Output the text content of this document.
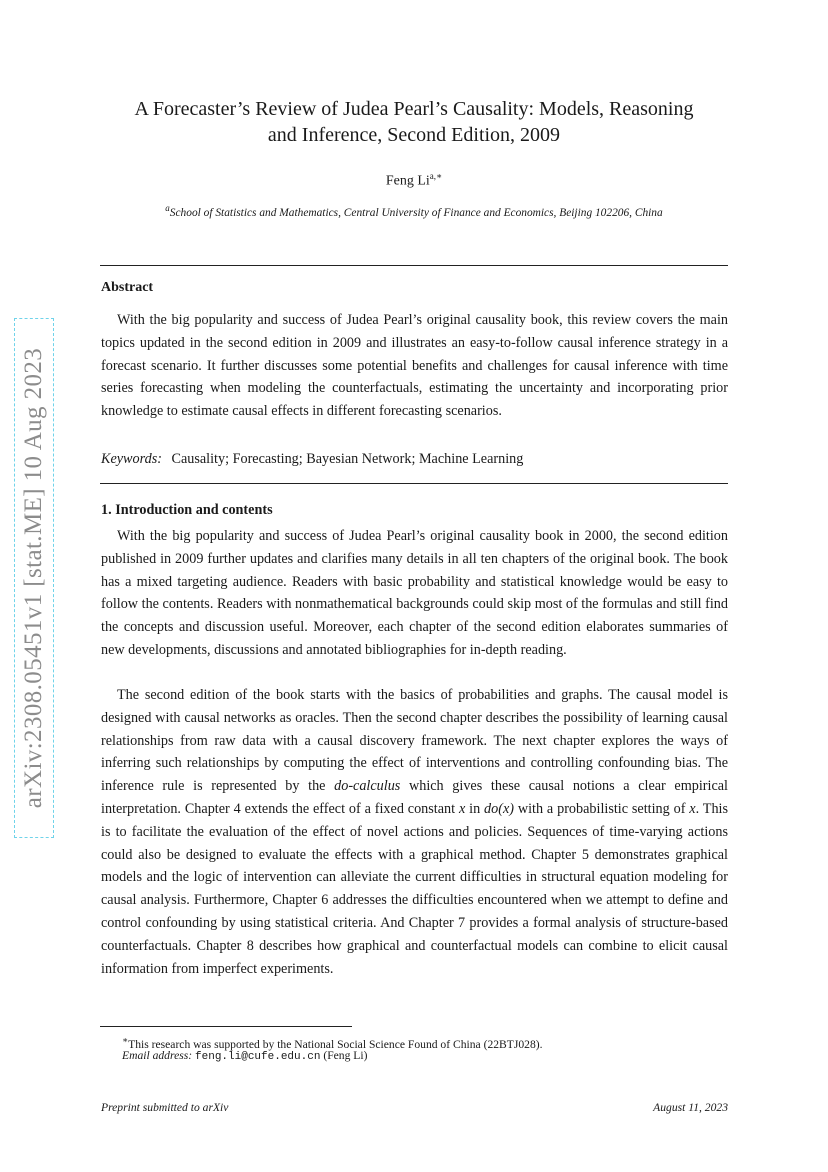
arXiv:2308.05451v1 [stat.ME] 10 Aug 2023
A Forecaster’s Review of Judea Pearl’s Causality: Models, Reasoning
and Inference, Second Edition, 2009
Feng $Li^{a,∗}$
$^a$School of Statistics and Mathematics, Central University of Finance and Economics, Beijing 102206, China
Abstract
With the big popularity and success of Judea Pearl’s original causality book, this review covers the main topics updated in the second edition in 2009 and illustrates an easy-to-follow causal inference strategy in a forecast scenario. It further discusses some potential benefits and challenges for causal inference with time series forecasting when modeling the counterfactuals, estimating the uncertainty and incorporating prior knowledge to estimate causal effects in different forecasting scenarios.
Keywords: Causality; Forecasting; Bayesian Network; Machine Learning
1. Introduction and contents
With the big popularity and success of Judea Pearl’s original causality book in 2000, the second edition published in 2009 further updates and clarifies many details in all ten chapters of the original book. The book has a mixed targeting audience. Readers with basic probability and statistical knowledge would be easy to follow the contents. Readers with nonmathematical backgrounds could skip most of the formulas and still find the concepts and discussion useful. Moreover, each chapter of the second edition elaborates summaries of new developments, discussions and annotated bibliographies for in-depth reading.
The second edition of the book starts with the basics of probabilities and graphs. The causal model is designed with causal networks as oracles. Then the second chapter describes the possibility of learning causal relationships from raw data with a causal discovery framework. The next chapter explores the ways of inferring such relationships by computing the effect of interventions and controlling confounding bias. The inference rule is represented by the do-calculus which gives these causal notions a clear empirical interpretation. Chapter 4 extends the effect of a fixed constant x in do(x) with a probabilistic setting of x. This is to facilitate the evaluation of the effect of novel actions and policies. Sequences of time-varying actions could also be designed to evaluate the effects with a graphical method. Chapter 5 demonstrates graphical models and the logic of intervention can alleviate the current difficulties in structural equation modeling for causal analysis. Furthermore, Chapter 6 addresses the difficulties encountered when we attempt to define and control confounding by using statistical criteria. And Chapter 7 provides a formal analysis of structure-based counterfactuals. Chapter 8 describes how graphical and counterfactual models can combine to elicit causal information from imperfect experiments.
∗This research was supported by the National Social Science Found of China (22BTJ028).
Email address: feng.li@cufe.edu.cn (Feng Li)
Preprint submitted to arXiv	August 11, 2023
